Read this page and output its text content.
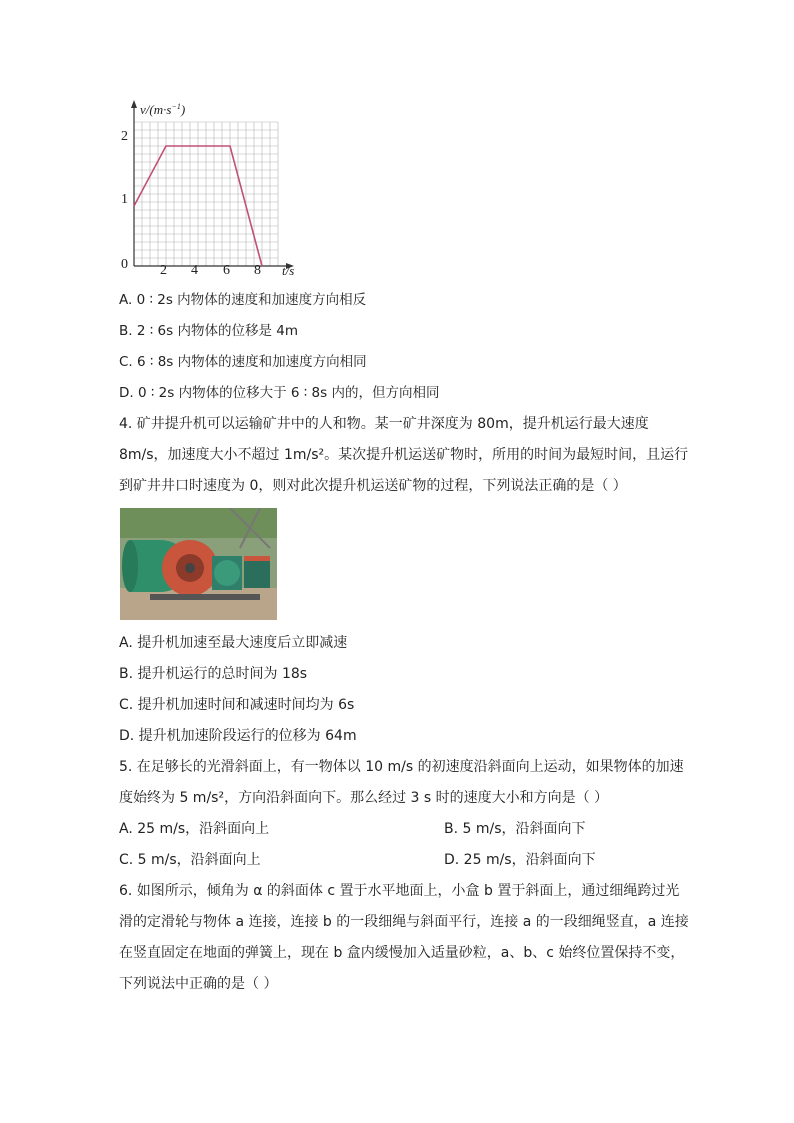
$v/(m\cdot s^{-1})$
t/s
2
1
0 2 4 6 8
A. 0 ∶ 2s 内物体的速度和加速度方向相反
B. 2 ∶ 6s 内物体的位移是 4m
C. 6 ∶ 8s 内物体的速度和加速度方向相同
D. 0 ∶ 2s 内物体的位移大于 6 ∶ 8s 内的，但方向相同
4. 矿井提升机可以运输矿井中的人和物。某一矿井深度为 80m，提升机运行最大速度
8m/s，加速度大小不超过 1m/s²。某次提升机运送矿物时，所用的时间为最短时间，且运行
到矿井井口时速度为 0，则对此次提升机运送矿物的过程，下列说法正确的是（ ）
A. 提升机加速至最大速度后立即减速
B. 提升机运行的总时间为 18s
C. 提升机加速时间和减速时间均为 6s
D. 提升机加速阶段运行的位移为 64m
5. 在足够长的光滑斜面上，有一物体以 10 m/s 的初速度沿斜面向上运动，如果物体的加速
度始终为 5 m/s²，方向沿斜面向下。那么经过 3 s 时的速度大小和方向是（ ）
A. 25 m/s，沿斜面向上	B. 5 m/s，沿斜面向下
C. 5 m/s，沿斜面向上	D. 25 m/s，沿斜面向下
6. 如图所示，倾角为 α 的斜面体 c 置于水平地面上，小盒 b 置于斜面上，通过细绳跨过光
滑的定滑轮与物体 a 连接，连接 b 的一段细绳与斜面平行，连接 a 的一段细绳竖直，a 连接
在竖直固定在地面的弹簧上，现在 b 盒内缓慢加入适量砂粒，a、b、c 始终位置保持不变，
下列说法中正确的是（ ）
